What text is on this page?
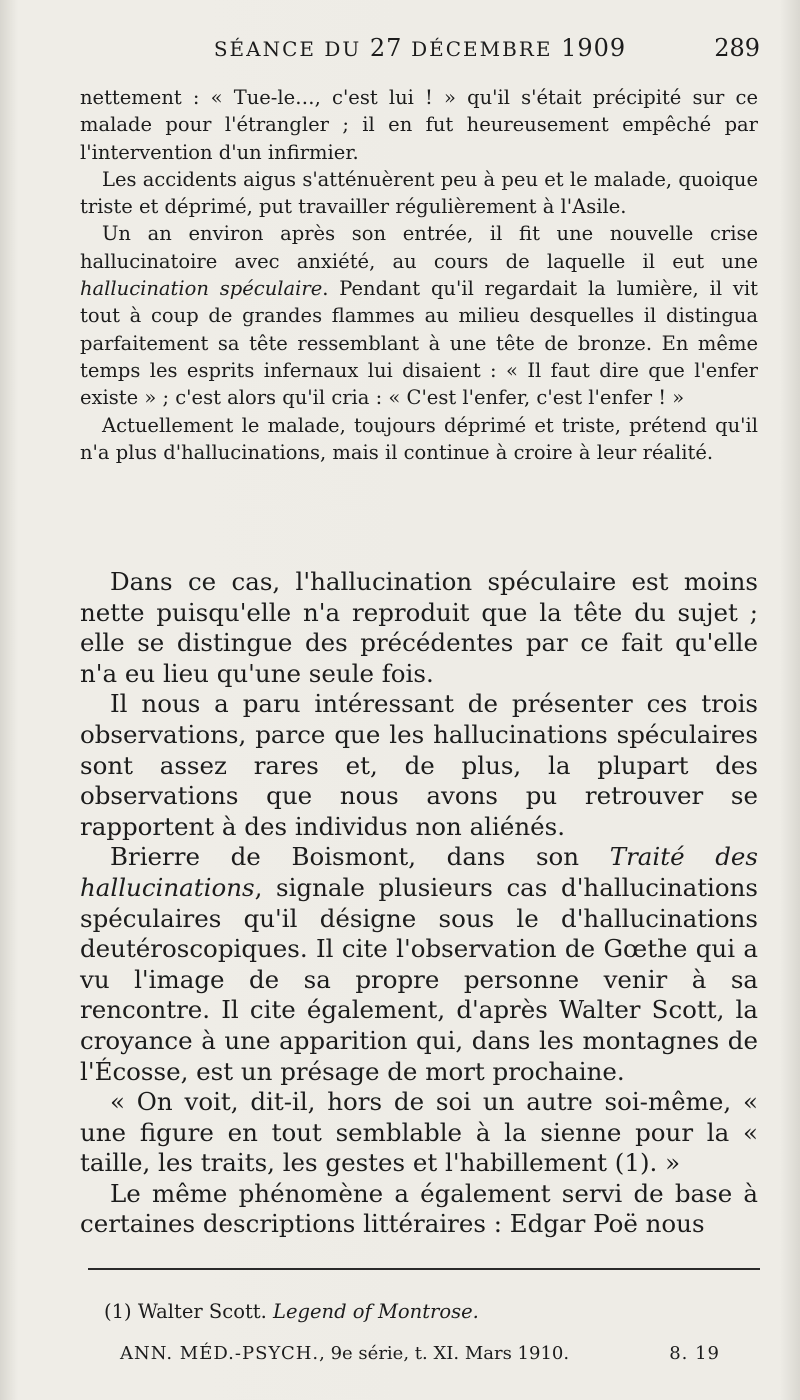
SÉANCE DU 27 DÉCEMBRE 1909	289

nettement : « Tue-le…, c'est lui ! » qu'il s'était précipité sur ce malade pour l'étrangler ; il en fut heureusement empêché par l'intervention d'un infirmier.

Les accidents aigus s'atténuèrent peu à peu et le malade, quoique triste et déprimé, put travailler régulièrement à l'Asile.

Un an environ après son entrée, il fit une nouvelle crise hallucinatoire avec anxiété, au cours de laquelle il eut une hallucination spéculaire. Pendant qu'il regardait la lumière, il vit tout à coup de grandes flammes au milieu desquelles il distingua parfaitement sa tête ressemblant à une tête de bronze. En même temps les esprits infernaux lui disaient : « Il faut dire que l'enfer existe » ; c'est alors qu'il cria : « C'est l'enfer, c'est l'enfer ! »

Actuellement le malade, toujours déprimé et triste, prétend qu'il n'a plus d'hallucinations, mais il continue à croire à leur réalité.

Dans ce cas, l'hallucination spéculaire est moins nette puisqu'elle n'a reproduit que la tête du sujet ; elle se distingue des précédentes par ce fait qu'elle n'a eu lieu qu'une seule fois.

Il nous a paru intéressant de présenter ces trois observations, parce que les hallucinations spéculaires sont assez rares et, de plus, la plupart des observations que nous avons pu retrouver se rapportent à des individus non aliénés.

Brierre de Boismont, dans son Traité des hallucinations, signale plusieurs cas d'hallucinations spéculaires qu'il désigne sous le d'hallucinations deutéroscopiques. Il cite l'observation de Gœthe qui a vu l'image de sa propre personne venir à sa rencontre. Il cite également, d'après Walter Scott, la croyance à une apparition qui, dans les montagnes de l'Écosse, est un présage de mort prochaine.

« On voit, dit-il, hors de soi un autre soi-même, « une figure en tout semblable à la sienne pour la « taille, les traits, les gestes et l'habillement (1). »

Le même phénomène a également servi de base à certaines descriptions littéraires : Edgar Poë nous

(1) Walter Scott. Legend of Montrose.
ANN. MÉD.-PSYCH., 9e série, t. XI. Mars 1910.	8. 19
